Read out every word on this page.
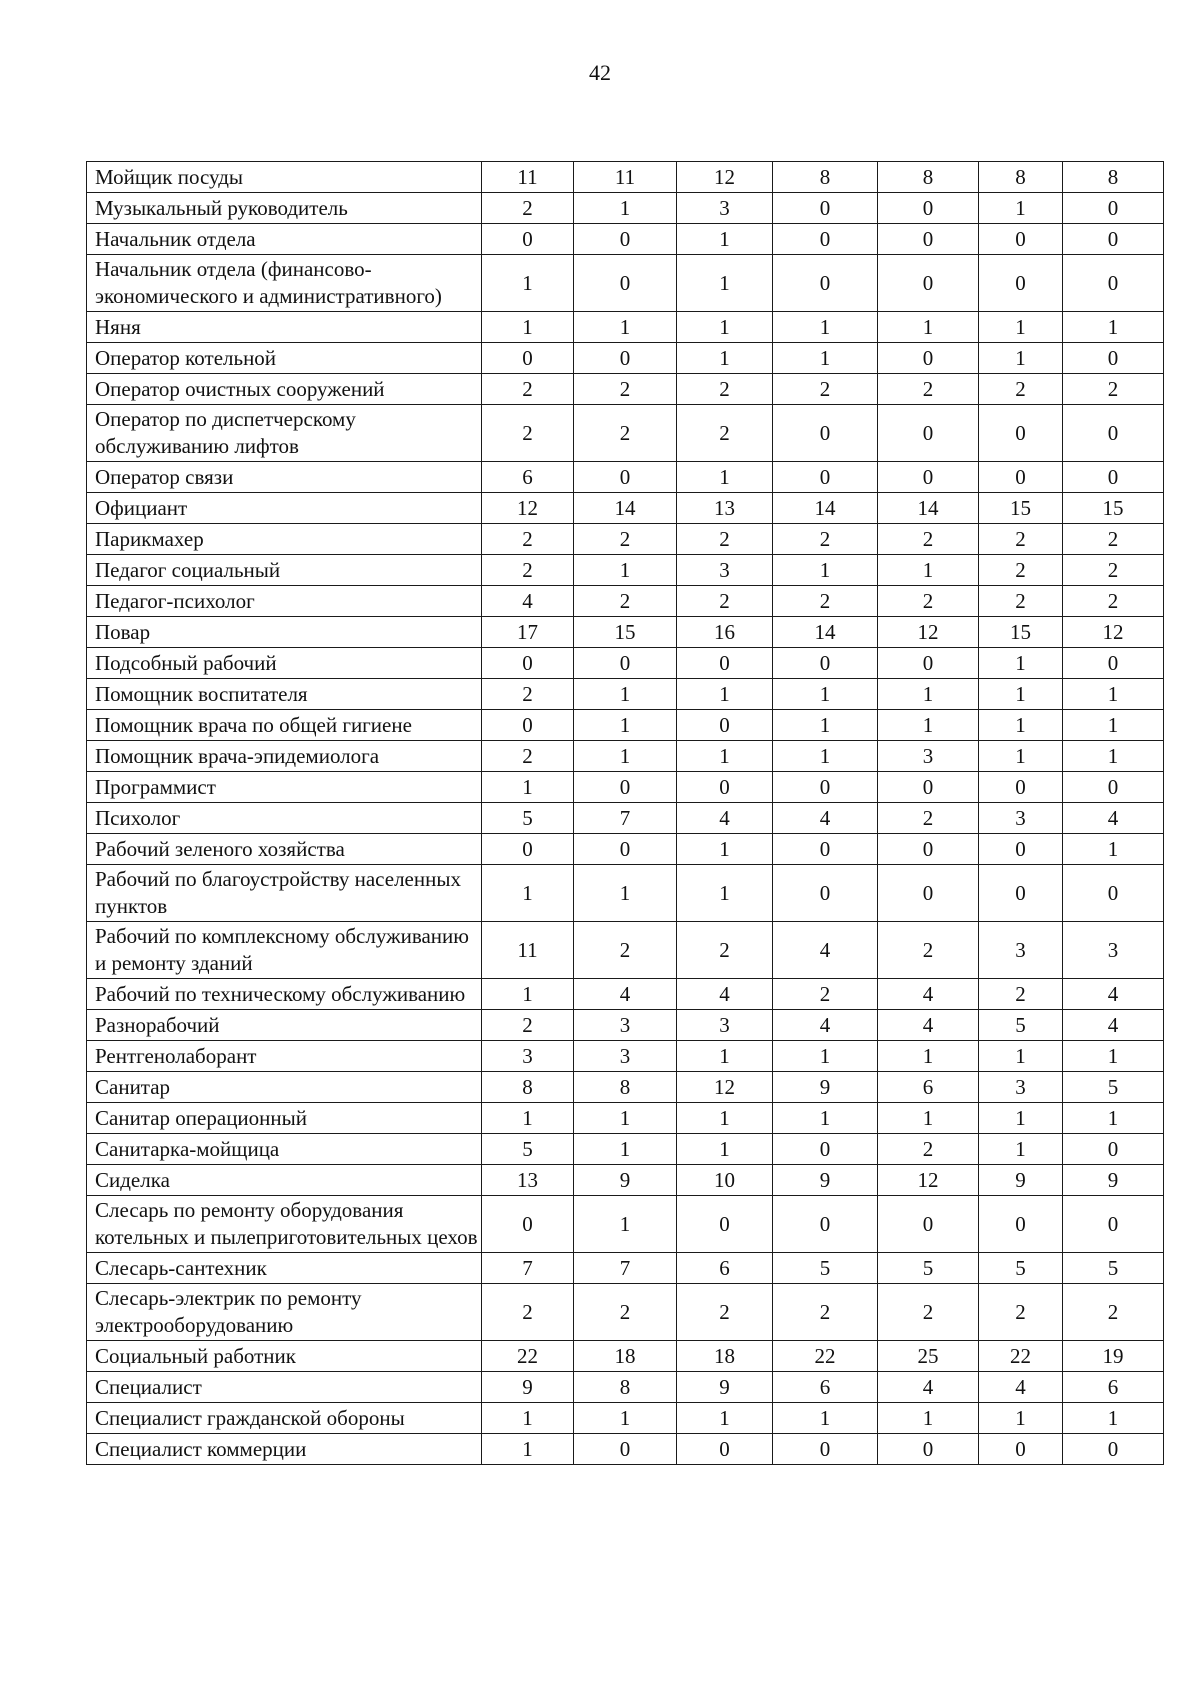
42
Мойщик посуды	11	11	12	8	8	8	8
Музыкальный руководитель	2	1	3	0	0	1	0
Начальник отдела	0	0	1	0	0	0	0
Начальник отдела (финансово-экономического и административного)	1	0	1	0	0	0	0
Няня	1	1	1	1	1	1	1
Оператор котельной	0	0	1	1	0	1	0
Оператор очистных сооружений	2	2	2	2	2	2	2
Оператор по диспетчерскому обслуживанию лифтов	2	2	2	0	0	0	0
Оператор связи	6	0	1	0	0	0	0
Официант	12	14	13	14	14	15	15
Парикмахер	2	2	2	2	2	2	2
Педагог социальный	2	1	3	1	1	2	2
Педагог-психолог	4	2	2	2	2	2	2
Повар	17	15	16	14	12	15	12
Подсобный рабочий	0	0	0	0	0	1	0
Помощник воспитателя	2	1	1	1	1	1	1
Помощник врача по общей гигиене	0	1	0	1	1	1	1
Помощник врача-эпидемиолога	2	1	1	1	3	1	1
Программист	1	0	0	0	0	0	0
Психолог	5	7	4	4	2	3	4
Рабочий зеленого хозяйства	0	0	1	0	0	0	1
Рабочий по благоустройству населенных пунктов	1	1	1	0	0	0	0
Рабочий по комплексному обслуживанию и ремонту зданий	11	2	2	4	2	3	3
Рабочий по техническому обслуживанию	1	4	4	2	4	2	4
Разнорабочий	2	3	3	4	4	5	4
Рентгенолаборант	3	3	1	1	1	1	1
Санитар	8	8	12	9	6	3	5
Санитар операционный	1	1	1	1	1	1	1
Санитарка-мойщица	5	1	1	0	2	1	0
Сиделка	13	9	10	9	12	9	9
Слесарь по ремонту оборудования котельных и пылеприготовительных цехов	0	1	0	0	0	0	0
Слесарь-сантехник	7	7	6	5	5	5	5
Слесарь-электрик по ремонту электрооборудованию	2	2	2	2	2	2	2
Социальный работник	22	18	18	22	25	22	19
Специалист	9	8	9	6	4	4	6
Специалист гражданской обороны	1	1	1	1	1	1	1
Специалист коммерции	1	0	0	0	0	0	0
